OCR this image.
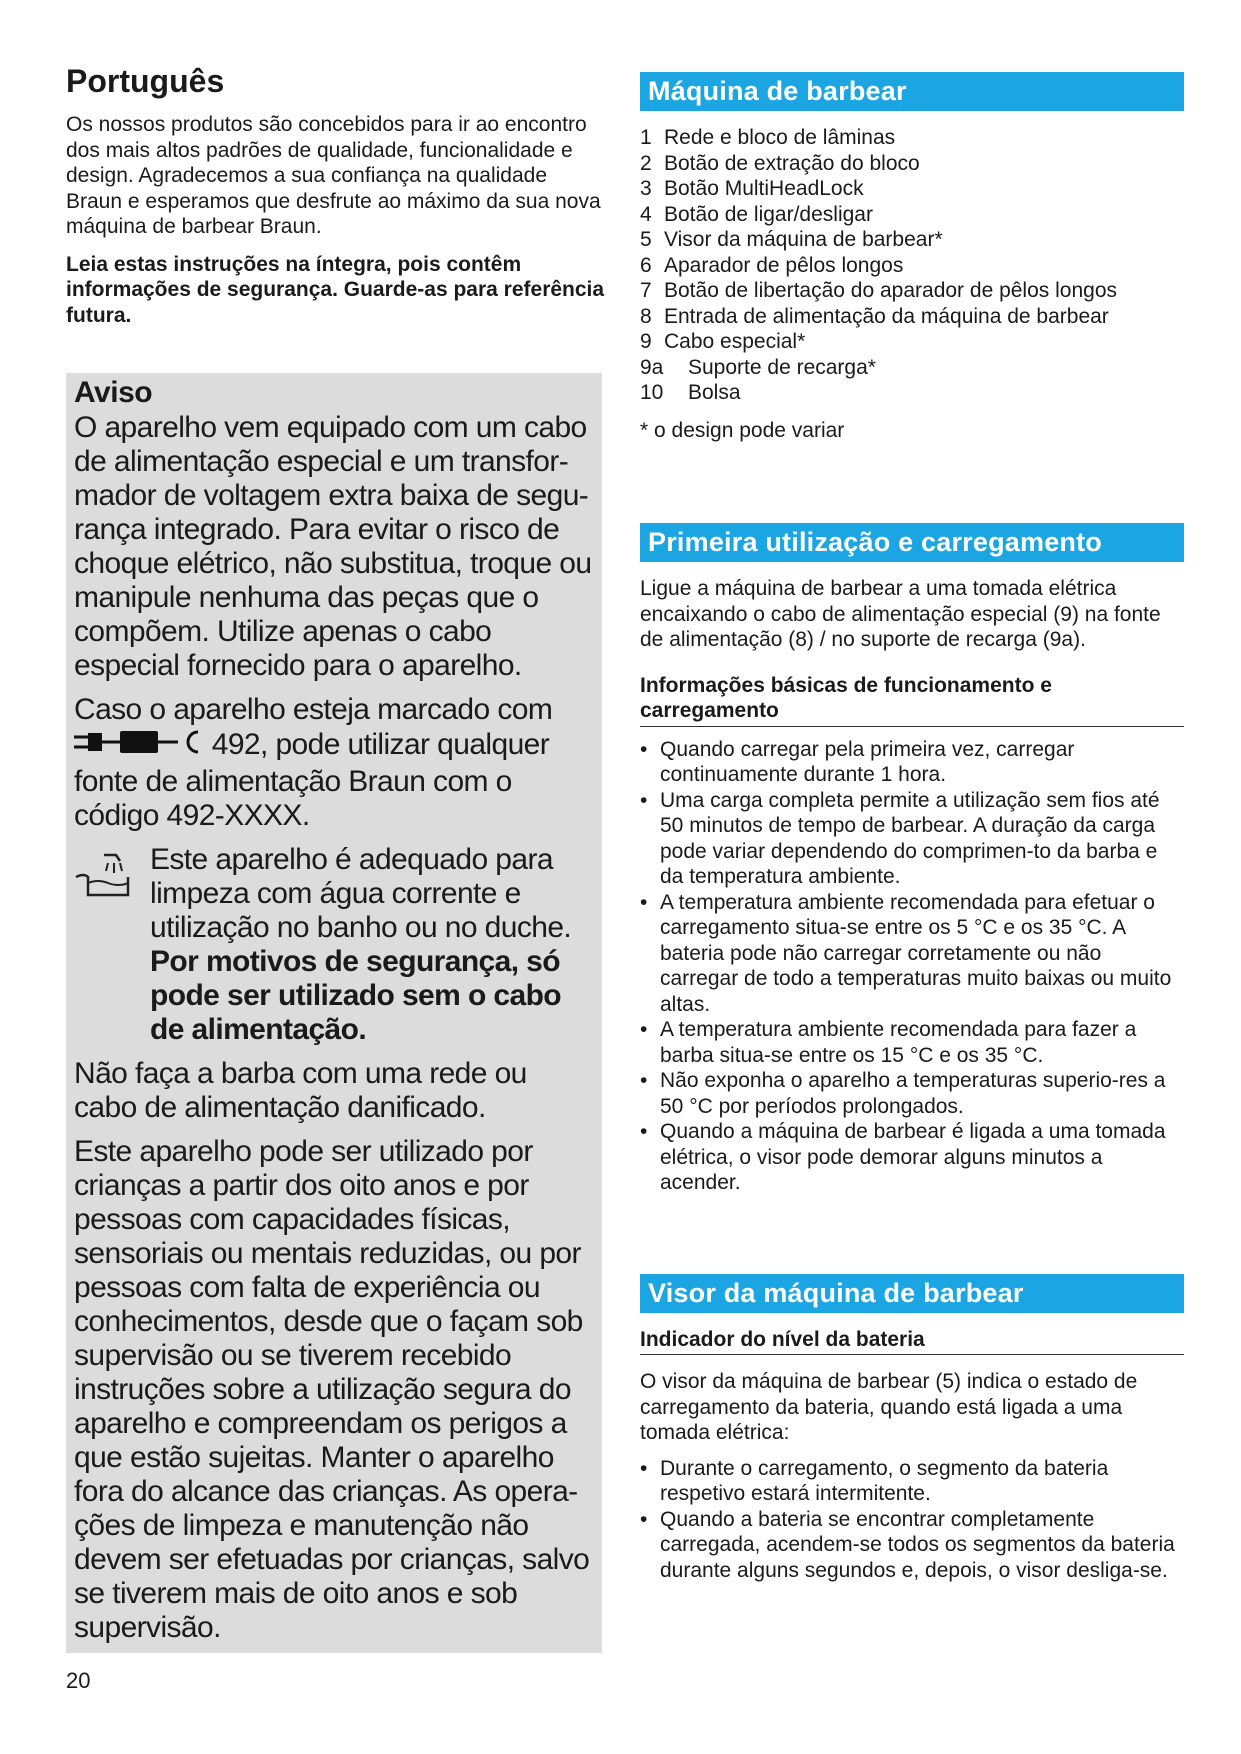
Português

Os nossos produtos são concebidos para ir ao encontro dos mais altos padrões de qualidade, funcionalidade e design. Agradecemos a sua confiança na qualidade Braun e esperamos que desfrute ao máximo da sua nova máquina de barbear Braun.

Leia estas instruções na íntegra, pois contêm informações de segurança. Guarde-as para referência futura.

Aviso

O aparelho vem equipado com um cabo de alimentação especial e um transfor-mador de voltagem extra baixa de segu-rança integrado. Para evitar o risco de choque elétrico, não substitua, troque ou manipule nenhuma das peças que o compõem. Utilize apenas o cabo especial fornecido para o aparelho.

Caso o aparelho esteja marcado com
492, pode utilizar qualquer fonte de alimentação Braun com o código 492-XXXX.

Este aparelho é adequado para limpeza com água corrente e utilização no banho ou no duche. Por motivos de segurança, só pode ser utilizado sem o cabo de alimentação.

Não faça a barba com uma rede ou cabo de alimentação danificado.

Este aparelho pode ser utilizado por crianças a partir dos oito anos e por pessoas com capacidades físicas, sensoriais ou mentais reduzidas, ou por pessoas com falta de experiência ou conhecimentos, desde que o façam sob supervisão ou se tiverem recebido instruções sobre a utilização segura do aparelho e compreendam os perigos a que estão sujeitas. Manter o aparelho fora do alcance das crianças. As opera-ções de limpeza e manutenção não devem ser efetuadas por crianças, salvo se tiverem mais de oito anos e sob supervisão.

20
Máquina de barbear
1 Rede e bloco de lâminas
2 Botão de extração do bloco
3 Botão MultiHeadLock
4 Botão de ligar/desligar
5 Visor da máquina de barbear*
6 Aparador de pêlos longos
7 Botão de libertação do aparador de pêlos longos
8 Entrada de alimentação da máquina de barbear
9 Cabo especial*
9a Suporte de recarga*
10 Bolsa

* o design pode variar

Primeira utilização e carregamento

Ligue a máquina de barbear a uma tomada elétrica encaixando o cabo de alimentação especial (9) na fonte de alimentação (8) / no suporte de recarga (9a).

Informações básicas de funcionamento e carregamento
• Quando carregar pela primeira vez, carregar continuamente durante 1 hora.
• Uma carga completa permite a utilização sem fios até 50 minutos de tempo de barbear. A duração da carga pode variar dependendo do comprimen-to da barba e da temperatura ambiente.
• A temperatura ambiente recomendada para efetuar o carregamento situa-se entre os 5 °C e os 35 °C. A bateria pode não carregar corretamente ou não carregar de todo a temperaturas muito baixas ou muito altas.
• A temperatura ambiente recomendada para fazer a barba situa-se entre os 15 °C e os 35 °C.
• Não exponha o aparelho a temperaturas superio-res a 50 °C por períodos prolongados.
• Quando a máquina de barbear é ligada a uma tomada elétrica, o visor pode demorar alguns minutos a acender.
Visor da máquina de barbear
Indicador do nível da bateria

O visor da máquina de barbear (5) indica o estado de carregamento da bateria, quando está ligada a uma tomada elétrica:

• Durante o carregamento, o segmento da bateria respetivo estará intermitente.
• Quando a bateria se encontrar completamente carregada, acendem-se todos os segmentos da bateria durante alguns segundos e, depois, o visor desliga-se.
